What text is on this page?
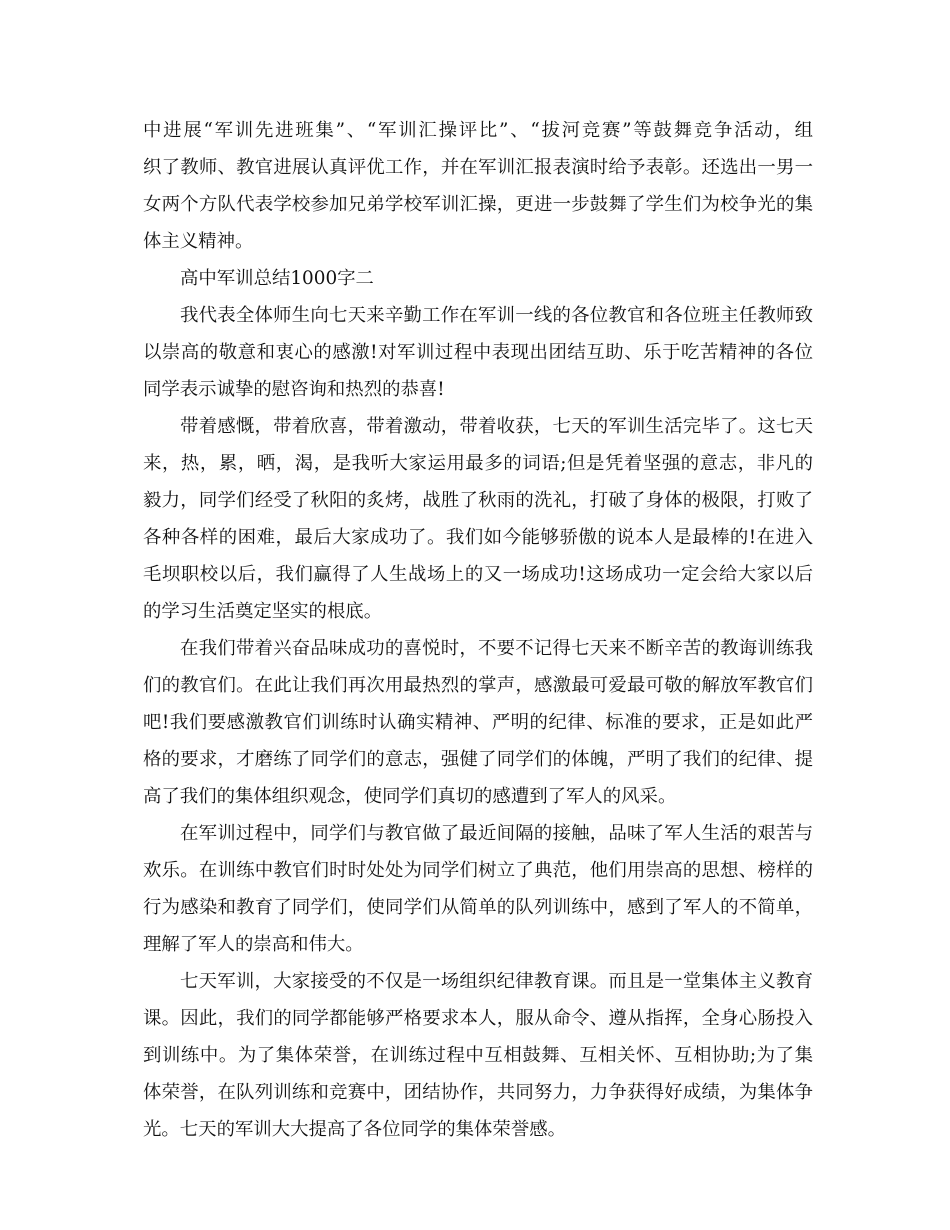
中进展“军训先进班集”、“军训汇操评比”、“拔河竞赛”等鼓舞竞争活动，组
织了教师、教官进展认真评优工作，并在军训汇报表演时给予表彰。还选出一男一
女两个方队代表学校参加兄弟学校军训汇操，更进一步鼓舞了学生们为校争光的集
体主义精神。
高中军训总结1000字二
我代表全体师生向七天来辛勤工作在军训一线的各位教官和各位班主任教师致
以崇高的敬意和衷心的感激!对军训过程中表现出团结互助、乐于吃苦精神的各位
同学表示诚挚的慰咨询和热烈的恭喜!
带着感慨，带着欣喜，带着激动，带着收获，七天的军训生活完毕了。这七天
来，热，累，晒，渴，是我听大家运用最多的词语;但是凭着坚强的意志，非凡的
毅力，同学们经受了秋阳的炙烤，战胜了秋雨的洗礼，打破了身体的极限，打败了
各种各样的困难，最后大家成功了。我们如今能够骄傲的说本人是最棒的!在进入
毛坝职校以后，我们赢得了人生战场上的又一场成功!这场成功一定会给大家以后
的学习生活奠定坚实的根底。
在我们带着兴奋品味成功的喜悦时，不要不记得七天来不断辛苦的教诲训练我
们的教官们。在此让我们再次用最热烈的掌声，感激最可爱最可敬的解放军教官们
吧!我们要感激教官们训练时认确实精神、严明的纪律、标准的要求，正是如此严
格的要求，才磨练了同学们的意志，强健了同学们的体魄，严明了我们的纪律、提
高了我们的集体组织观念，使同学们真切的感遭到了军人的风采。
在军训过程中，同学们与教官做了最近间隔的接触，品味了军人生活的艰苦与
欢乐。在训练中教官们时时处处为同学们树立了典范，他们用崇高的思想、榜样的
行为感染和教育了同学们，使同学们从简单的队列训练中，感到了军人的不简单，
理解了军人的崇高和伟大。
七天军训，大家接受的不仅是一场组织纪律教育课。而且是一堂集体主义教育
课。因此，我们的同学都能够严格要求本人，服从命令、遵从指挥，全身心肠投入
到训练中。为了集体荣誉，在训练过程中互相鼓舞、互相关怀、互相协助;为了集
体荣誉，在队列训练和竞赛中，团结协作，共同努力，力争获得好成绩，为集体争
光。七天的军训大大提高了各位同学的集体荣誉感。
